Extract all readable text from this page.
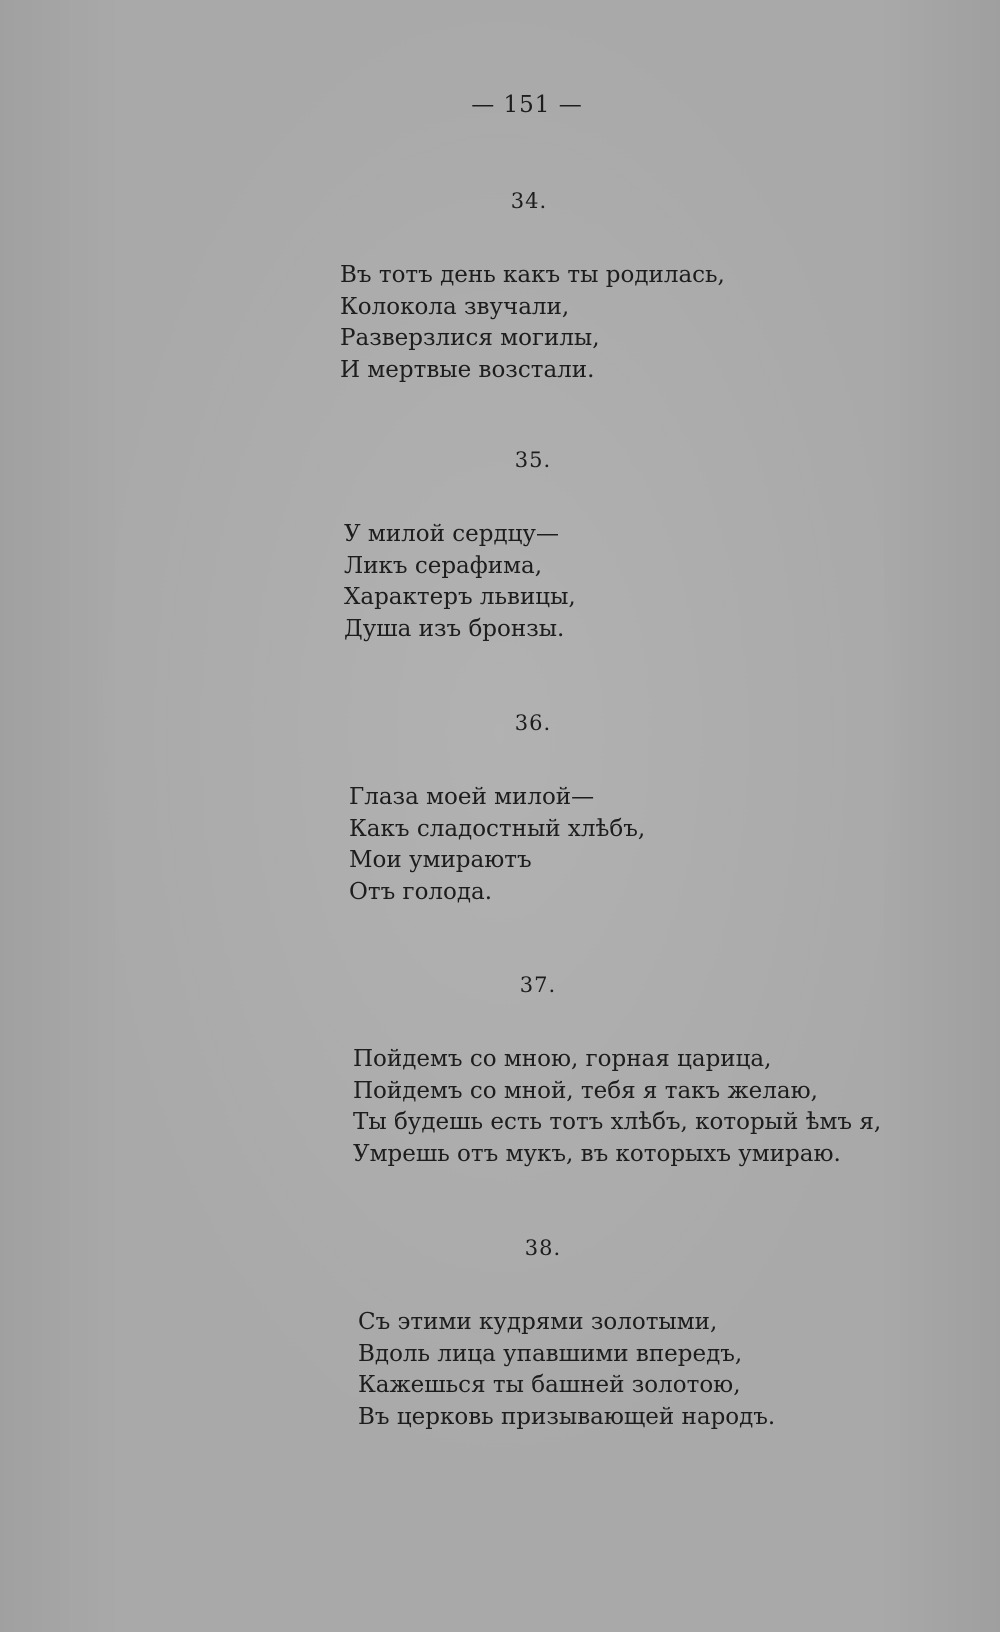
— 151 —
34.
Въ тотъ день какъ ты родилась,
Колокола звучали,
Разверзлися могилы,
И мертвые возстали.
35.
У милой сердцу—
Ликъ серафима,
Характеръ львицы,
Душа изъ бронзы.
36.
Глаза моей милой—
Какъ сладостный хлѣбъ,
Мои умираютъ
Отъ голода.
37.
Пойдемъ со мною, горная царица,
Пойдемъ со мной, тебя я такъ желаю,
Ты будешь есть тотъ хлѣбъ, который ѣмъ я,
Умрешь отъ мукъ, въ которыхъ умираю.
38.
Съ этими кудрями золотыми,
Вдоль лица упавшими впередъ,
Кажешься ты башней золотою,
Въ церковь призывающей народъ.
